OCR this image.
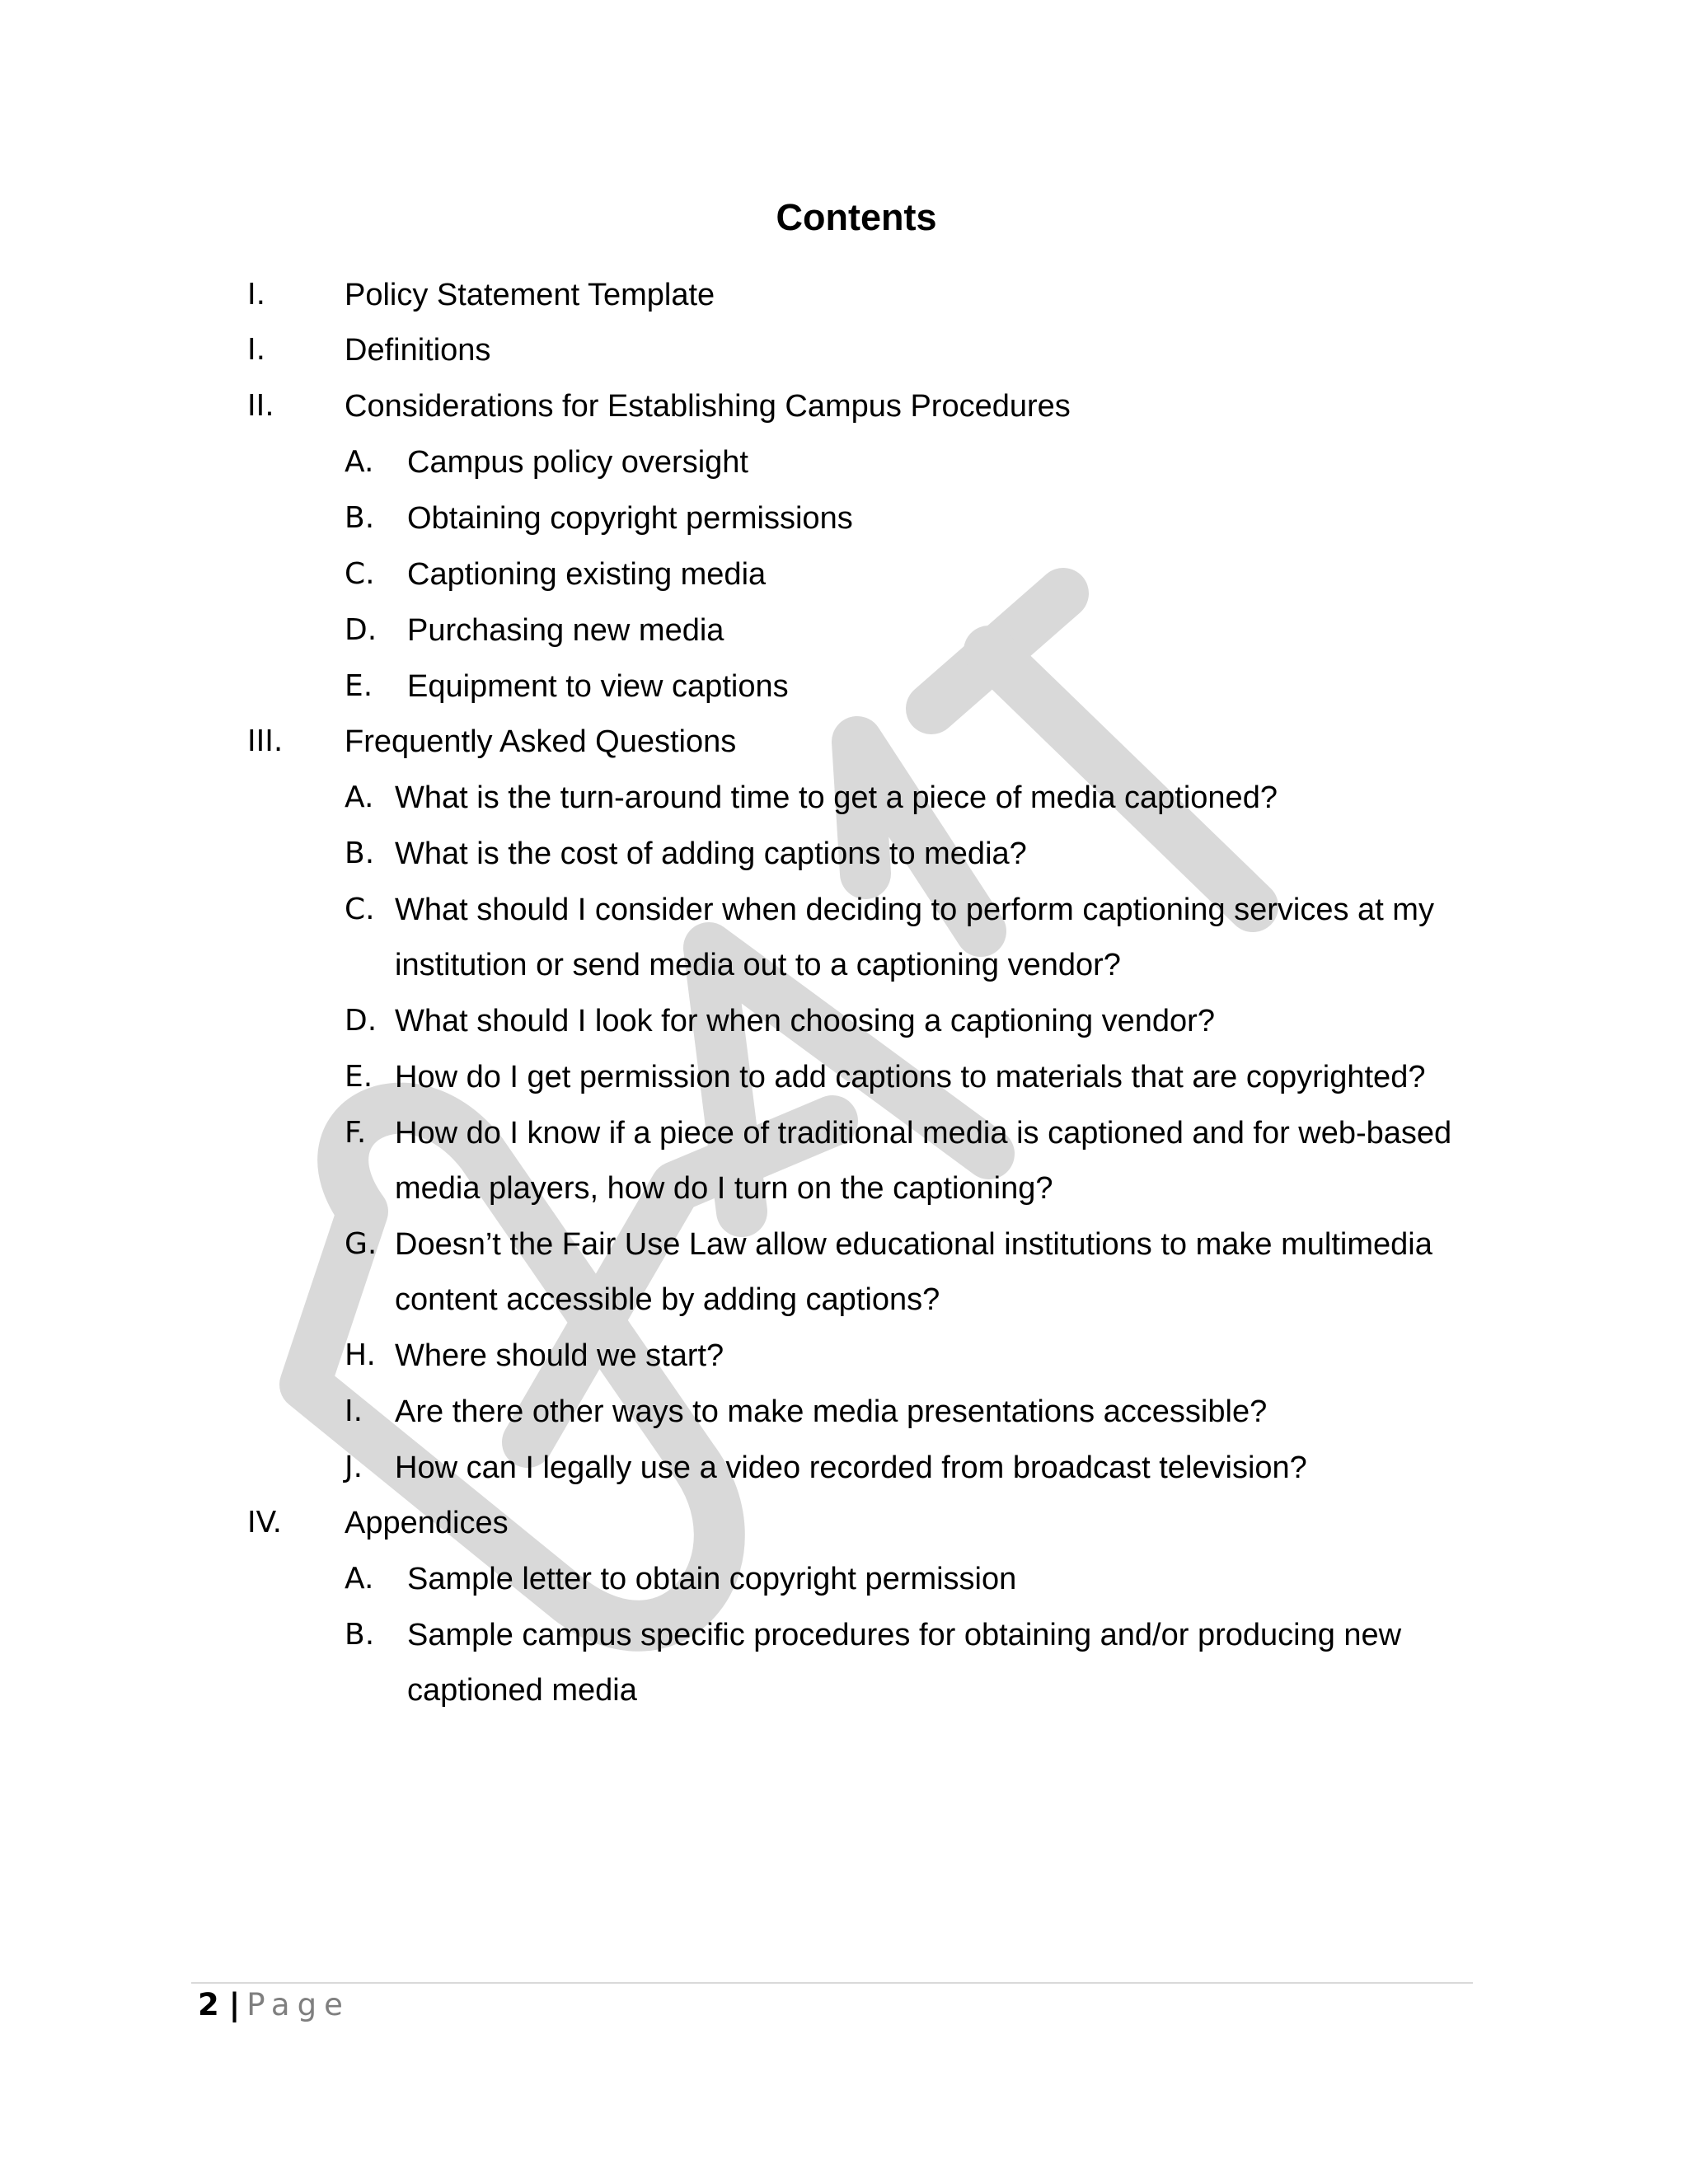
Contents
I.	Policy Statement Template
I.	Definitions
II. Considerations for Establishing Campus Procedures
A. Campus policy oversight
B. Obtaining copyright permissions
C. Captioning existing media
D. Purchasing new media
E. Equipment to view captions
III. Frequently Asked Questions
A. What is the turn-around time to get a piece of media captioned?
B. What is the cost of adding captions to media?
C. What should I consider when deciding to perform captioning services at my
institution or send media out to a captioning vendor?
D. What should I look for when choosing a captioning vendor?
E. How do I get permission to add captions to materials that are copyrighted?
F. How do I know if a piece of traditional media is captioned and for web-based
media players, how do I turn on the captioning?
G. Doesn’t the Fair Use Law allow educational institutions to make multimedia
content accessible by adding captions?
H. Where should we start?
I. Are there other ways to make media presentations accessible?
J. How can I legally use a video recorded from broadcast television?
IV. Appendices
A. Sample letter to obtain copyright permission
B. Sample campus specific procedures for obtaining and/or producing new
captioned media
2 | Page
